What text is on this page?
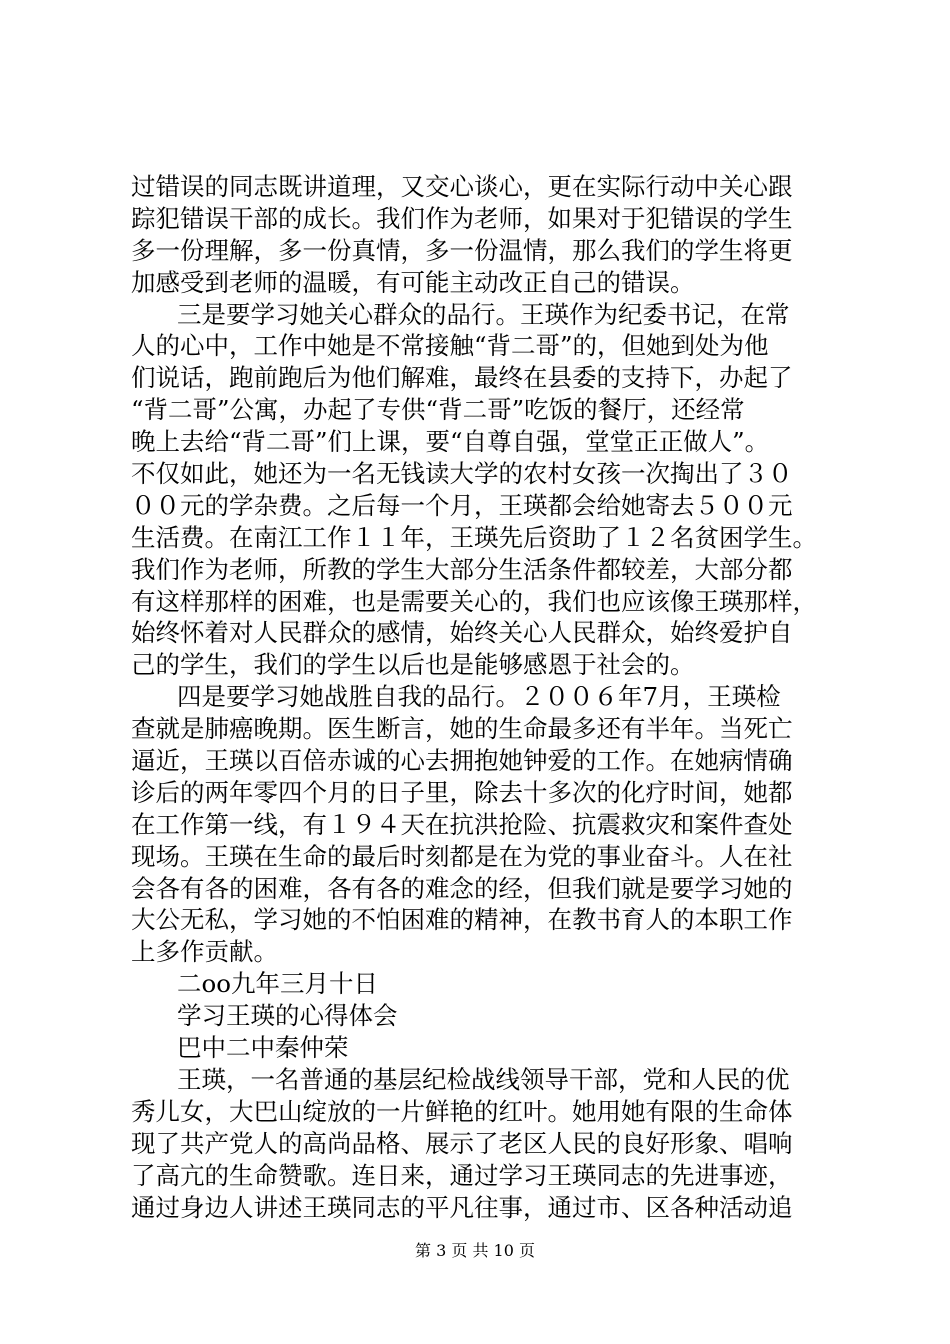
过错误的同志既讲道理，又交心谈心，更在实际行动中关心跟
踪犯错误干部的成长。我们作为老师，如果对于犯错误的学生
多一份理解，多一份真情，多一份温情，那么我们的学生将更
加感受到老师的温暖，有可能主动改正自己的错误。
三是要学习她关心群众的品行。王瑛作为纪委书记，在常
人的心中，工作中她是不常接触“背二哥”的，但她到处为他
们说话，跑前跑后为他们解难，最终在县委的支持下，办起了
“背二哥”公寓，办起了专供“背二哥”吃饭的餐厅，还经常
晚上去给“背二哥”们上课，要“自尊自强，堂堂正正做人”。
不仅如此，她还为一名无钱读大学的农村女孩一次掏出了３０
００元的学杂费。之后每一个月，王瑛都会给她寄去５００元
生活费。在南江工作１１年，王瑛先后资助了１２名贫困学生。
我们作为老师，所教的学生大部分生活条件都较差，大部分都
有这样那样的困难，也是需要关心的，我们也应该像王瑛那样，
始终怀着对人民群众的感情，始终关心人民群众，始终爱护自
己的学生，我们的学生以后也是能够感恩于社会的。
四是要学习她战胜自我的品行。２００６年7月，王瑛检
查就是肺癌晚期。医生断言，她的生命最多还有半年。当死亡
逼近，王瑛以百倍赤诚的心去拥抱她钟爱的工作。在她病情确
诊后的两年零四个月的日子里，除去十多次的化疗时间，她都
在工作第一线，有１９４天在抗洪抢险、抗震救灾和案件查处
现场。王瑛在生命的最后时刻都是在为党的事业奋斗。人在社
会各有各的困难，各有各的难念的经，但我们就是要学习她的
大公无私，学习她的不怕困难的精神，在教书育人的本职工作
上多作贡献。
二oo九年三月十日
学习王瑛的心得体会
巴中二中秦仲荣
王瑛，一名普通的基层纪检战线领导干部，党和人民的优
秀儿女，大巴山绽放的一片鲜艳的红叶。她用她有限的生命体
现了共产党人的高尚品格、展示了老区人民的良好形象、唱响
了高亢的生命赞歌。连日来，通过学习王瑛同志的先进事迹，
通过身边人讲述王瑛同志的平凡往事，通过市、区各种活动追
第 3 页 共 10 页
